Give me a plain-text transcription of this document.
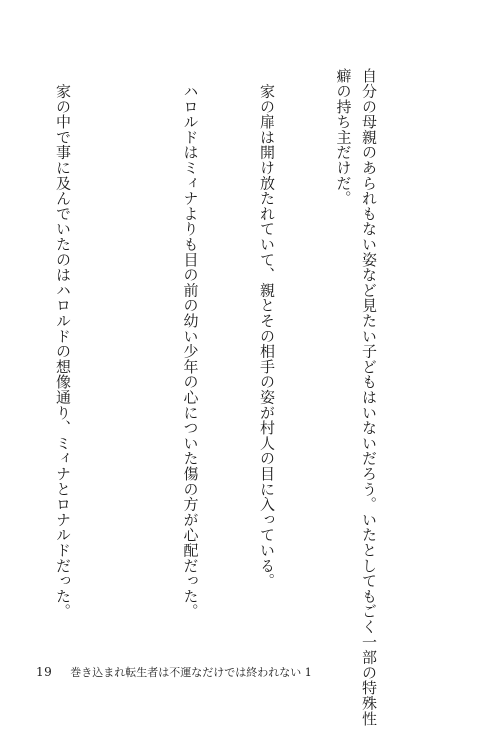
自分の母親のあられもない姿など見たい子どもはいないだろう。いたとしてもごく一部の特殊性
癖の持ち主だけだ。

　家の扉は開け放たれていて、親とその相手の姿が村人の目に入っている。

　ハロルドはミィナよりも目の前の幼い少年の心についた傷の方が心配だった。

　家の中で事に及んでいたのはハロルドの想像通り、ミィナとロナルドだった。

19 巻き込まれ転生者は不運なだけでは終われない 1
